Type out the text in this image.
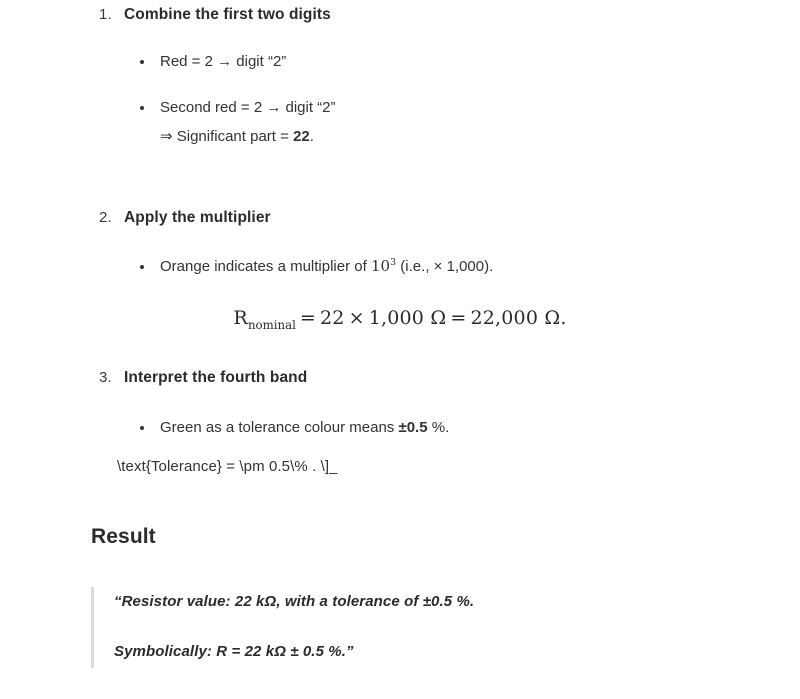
1. Combine the first two digits
Red = 2 → digit “2”
Second red = 2 → digit “2”
⇒ Significant part = 22.
2. Apply the multiplier
Orange indicates a multiplier of $10^3$ (i.e., × 1,000).
$R_{nominal} = 22 \times 1,000$ Ω = 22,000 Ω.
3. Interpret the fourth band
Green as a tolerance colour means ±0.5 %.
\text{Tolerance} = \pm 0.5\% . \]_
Result

“Resistor value: 22 kΩ, with a tolerance of ±0.5 %.

Symbolically: R = 22 kΩ ± 0.5 %.”
